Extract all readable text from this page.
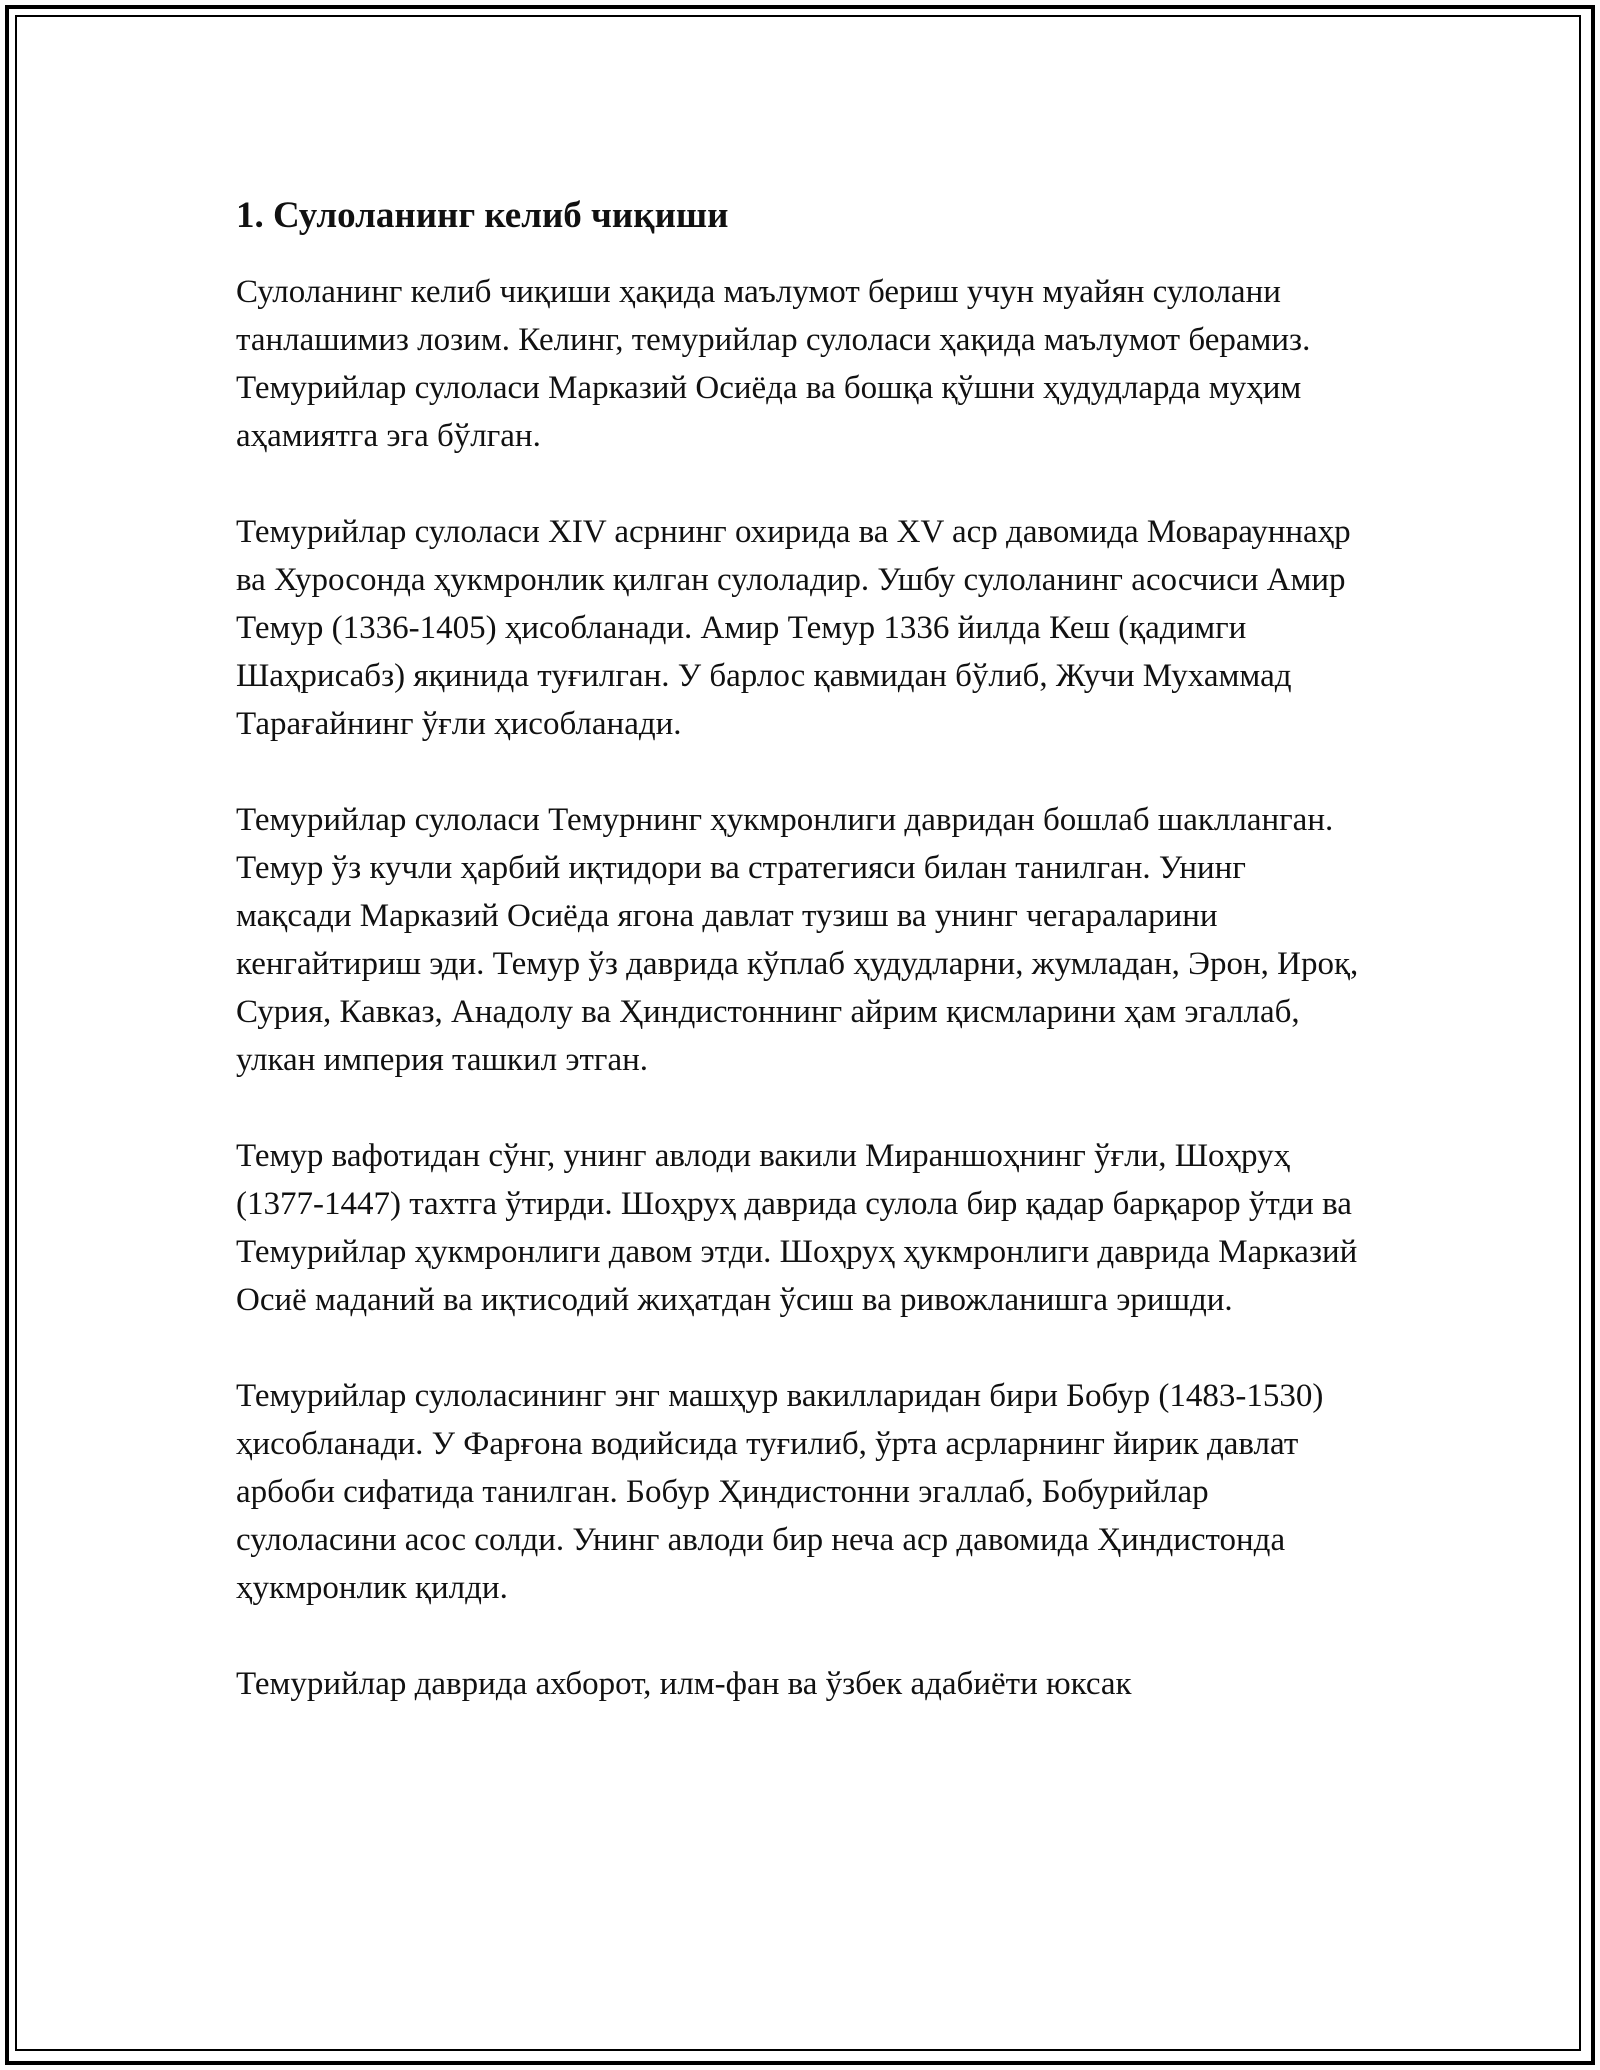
1. Сулоланинг келиб чиқиши

Сулоланинг келиб чиқиши ҳақида маълумот бериш учун муайян сулолани танлашимиз лозим. Келинг, темурийлар сулоласи ҳақида маълумот берамиз. Темурийлар сулоласи Марказий Осиёда ва бошқа қўшни ҳудудларда муҳим аҳамиятга эга бўлган.

Темурийлар сулоласи XIV асрнинг охирида ва XV аср давомида Моварауннаҳр ва Хуросонда ҳукмронлик қилган сулоладир. Ушбу сулоланинг асосчиси Амир Темур (1336-1405) ҳисобланади. Амир Темур 1336 йилда Кеш (қадимги Шаҳрисабз) яқинида туғилган. У барлос қавмидан бўлиб, Жучи Мухаммад Тарағайнинг ўғли ҳисобланади.

Темурийлар сулоласи Темурнинг ҳукмронлиги давридан бошлаб шаклланган. Темур ўз кучли ҳарбий иқтидори ва стратегияси билан танилган. Унинг мақсади Марказий Осиёда ягона давлат тузиш ва унинг чегараларини кенгайтириш эди. Темур ўз даврида кўплаб ҳудудларни, жумладан, Эрон, Ироқ, Сурия, Кавказ, Анадолу ва Ҳиндистоннинг айрим қисмларини ҳам эгаллаб, улкан империя ташкил этган.

Темур вафотидан сўнг, унинг авлоди вакили Мираншоҳнинг ўғли, Шоҳруҳ (1377-1447) тахтга ўтирди. Шоҳруҳ даврида сулола бир қадар барқарор ўтди ва Темурийлар ҳукмронлиги давом этди. Шоҳруҳ ҳукмронлиги даврида Марказий Осиё маданий ва иқтисодий жиҳатдан ўсиш ва ривожланишга эришди.

Темурийлар сулоласининг энг машҳур вакилларидан бири Бобур (1483-1530) ҳисобланади. У Фарғона водийсида туғилиб, ўрта асрларнинг йирик давлат арбоби сифатида танилган. Бобур Ҳиндистонни эгаллаб, Бобурийлар сулоласини асос солди. Унинг авлоди бир неча аср давомида Ҳиндистонда ҳукмронлик қилди.

Темурийлар даврида ахборот, илм-фан ва ўзбек адабиёти юксак
